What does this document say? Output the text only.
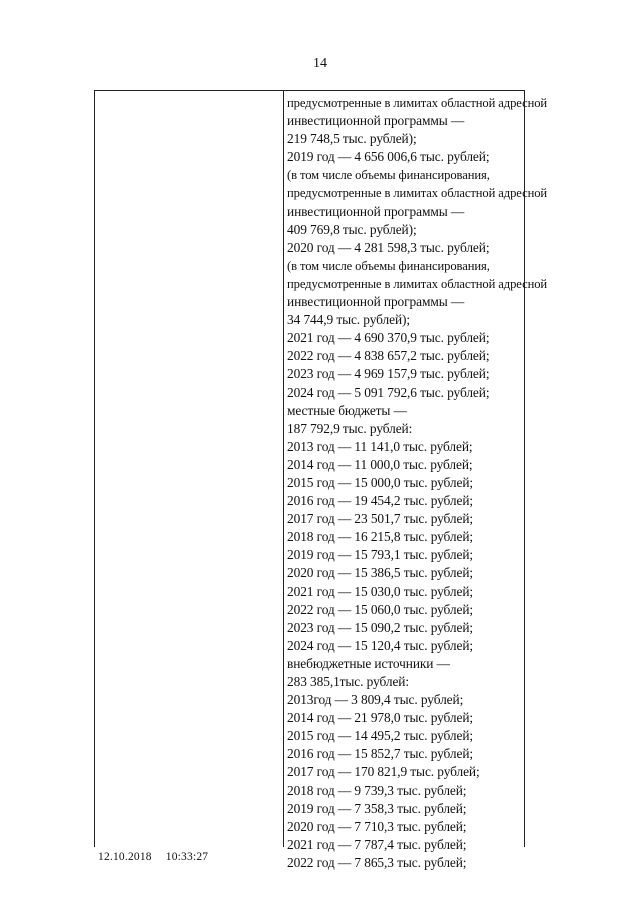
14
предусмотренные в лимитах областной адресной
инвестиционной программы —
219 748,5 тыс. рублей);
2019 год — 4 656 006,6 тыс. рублей;
(в том числе объемы финансирования,
предусмотренные в лимитах областной адресной
инвестиционной программы —
409 769,8 тыс. рублей);
2020 год — 4 281 598,3 тыс. рублей;
(в том числе объемы финансирования,
предусмотренные в лимитах областной адресной
инвестиционной программы —
34 744,9 тыс. рублей);
2021 год — 4 690 370,9 тыс. рублей;
2022 год — 4 838 657,2 тыс. рублей;
2023 год — 4 969 157,9 тыс. рублей;
2024 год — 5 091 792,6 тыс. рублей;
местные бюджеты —
187 792,9 тыс. рублей:
2013 год — 11 141,0 тыс. рублей;
2014 год — 11 000,0 тыс. рублей;
2015 год — 15 000,0 тыс. рублей;
2016 год — 19 454,2 тыс. рублей;
2017 год — 23 501,7 тыс. рублей;
2018 год — 16 215,8 тыс. рублей;
2019 год — 15 793,1 тыс. рублей;
2020 год — 15 386,5 тыс. рублей;
2021 год — 15 030,0 тыс. рублей;
2022 год — 15 060,0 тыс. рублей;
2023 год — 15 090,2 тыс. рублей;
2024 год — 15 120,4 тыс. рублей;
внебюджетные источники —
283 385,1тыс. рублей:
2013год — 3 809,4 тыс. рублей;
2014 год — 21 978,0 тыс. рублей;
2015 год — 14 495,2 тыс. рублей;
2016 год — 15 852,7 тыс. рублей;
2017 год — 170 821,9 тыс. рублей;
2018 год — 9 739,3 тыс. рублей;
2019 год — 7 358,3 тыс. рублей;
2020 год — 7 710,3 тыс. рублей;
2021 год — 7 787,4 тыс. рублей;
2022 год — 7 865,3 тыс. рублей;
12.10.2018 10:33:27
